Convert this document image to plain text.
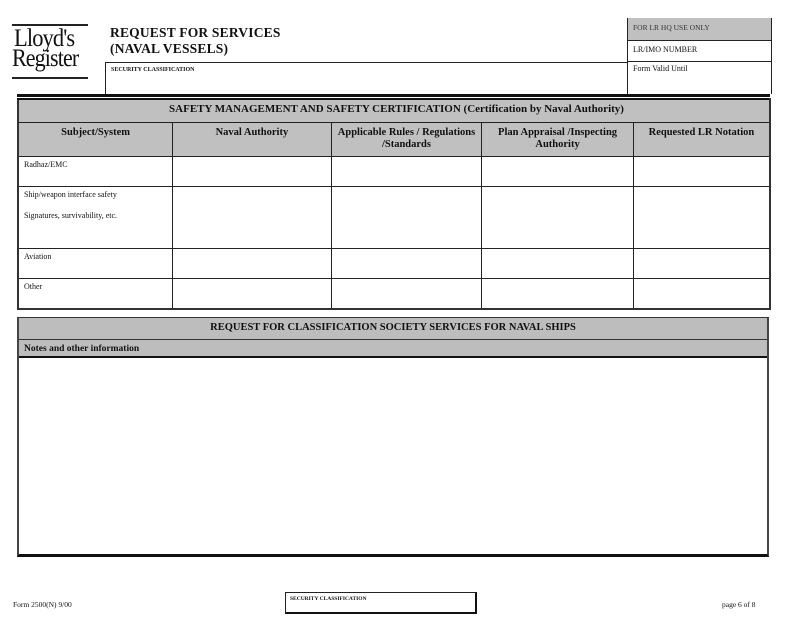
Lloyd's
Register
REQUEST FOR SERVICES
(NAVAL VESSELS)
SECURITY CLASSIFICATION
FOR LR HQ USE ONLY
LR/IMO NUMBER
Form Valid Until
SAFETY MANAGEMENT AND SAFETY CERTIFICATION (Certification by Naval Authority)				
Subject/System	Naval Authority	Applicable Rules / Regulations /Standards	Plan Appraisal /Inspecting Authority	Requested LR Notation
Radhaz/EMC				

Ship/weapon interface safety
Signatures, survivability, etc.				

Aviation				
Other				
REQUEST FOR CLASSIFICATION SOCIETY SERVICES FOR NAVAL SHIPS
Notes and other information
Form 2500(N) 9/00
SECURITY CLASSIFICATION
page 6 of 8
